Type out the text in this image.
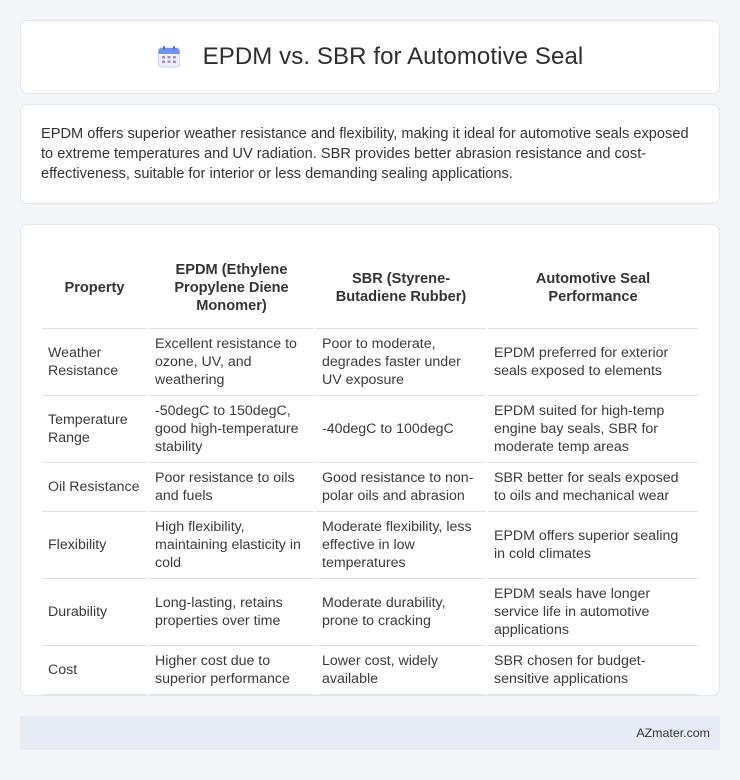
EPDM vs. SBR for Automotive Seal

EPDM offers superior weather resistance and flexibility, making it ideal for automotive seals exposed to extreme temperatures and UV radiation. SBR provides better abrasion resistance and cost-effectiveness, suitable for interior or less demanding sealing applications.

Property	EPDM (Ethylene Propylene Diene Monomer)	SBR (Styrene-Butadiene Rubber)	Automotive Seal Performance
Weather Resistance	Excellent resistance to ozone, UV, and weathering	Poor to moderate, degrades faster under UV exposure	EPDM preferred for exterior seals exposed to elements
Temperature Range	-50degC to 150degC, good high-temperature stability	-40degC to 100degC	EPDM suited for high-temp engine bay seals, SBR for moderate temp areas
Oil Resistance	Poor resistance to oils and fuels	Good resistance to non-polar oils and abrasion	SBR better for seals exposed to oils and mechanical wear
Flexibility	High flexibility, maintaining elasticity in cold	Moderate flexibility, less effective in low temperatures	EPDM offers superior sealing in cold climates
Durability	Long-lasting, retains properties over time	Moderate durability, prone to cracking	EPDM seals have longer service life in automotive applications
Cost	Higher cost due to superior performance	Lower cost, widely available	SBR chosen for budget-sensitive applications
AZmater.com
